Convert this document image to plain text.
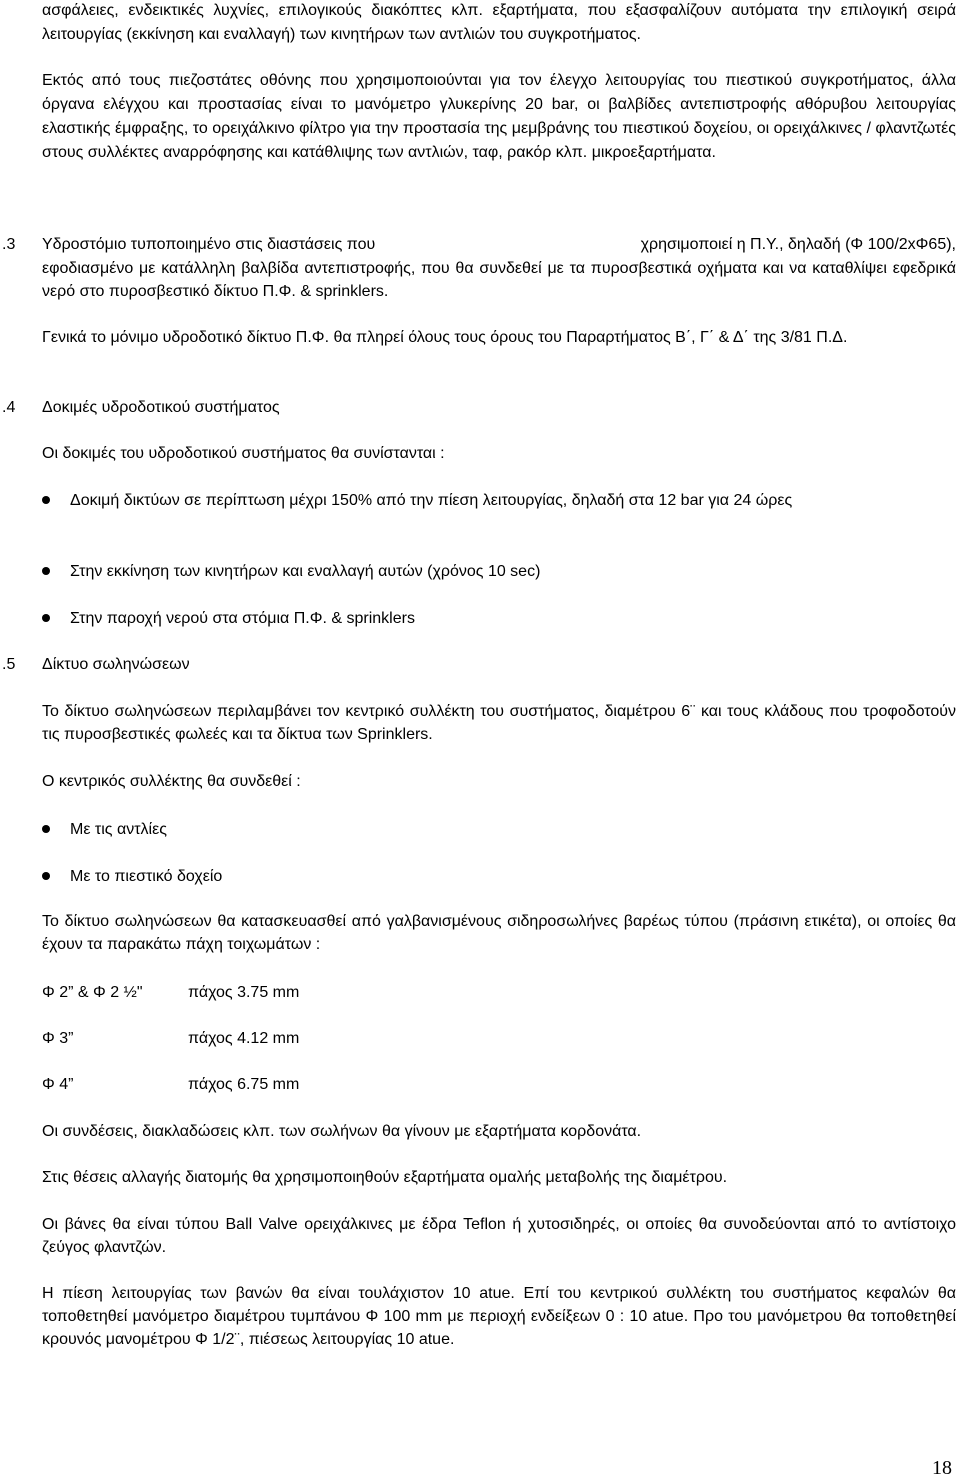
ασφάλειες, ενδεικτικές λυχνίες, επιλογικούς διακόπτες κλπ. εξαρτήματα, που εξασφαλίζουν αυτόματα την επιλογική σειρά λειτουργίας (εκκίνηση και εναλλαγή) των κινητήρων των αντλιών του συγκροτήματος.

Εκτός από τους πιεζοστάτες οθόνης που χρησιμοποιούνται για τον έλεγχο λειτουργίας του πιεστικού συγκροτήματος, άλλα όργανα ελέγχου και προστασίας είναι το μανόμετρο γλυκερίνης 20 bar, οι βαλβίδες αντεπιστροφής αθόρυβου λειτουργίας ελαστικής έμφραξης, το ορειχάλκινο φίλτρο για την προστασία της μεμβράνης του πιεστικού δοχείου, οι ορειχάλκινες / φλαντζωτές στους συλλέκτες αναρρόφησης και κατάθλιψης των αντλιών, ταφ, ρακόρ κλπ. μικροεξαρτήματα.

.3 Υδροστόμιο τυποποιημένο στις διαστάσεις που	χρησιμοποιεί η Π.Υ., δηλαδή (Φ 100/2xΦ65),

εφοδιασμένο με κατάλληλη βαλβίδα αντεπιστροφής, που θα συνδεθεί με τα πυροσβεστικά οχήματα και να καταθλίψει εφεδρικά νερό στο πυροσβεστικό δίκτυο Π.Φ. & sprinklers.

Γενικά το μόνιμο υδροδοτικό δίκτυο Π.Φ. θα πληρεί όλους τους όρους του Παραρτήματος Β΄, Γ΄ & Δ΄ της 3/81 Π.Δ.

.4 Δοκιμές υδροδοτικού συστήματος

Οι δοκιμές του υδροδοτικού συστήματος θα συνίστανται :

Δοκιμή δικτύων σε περίπτωση μέχρι 150% από την πίεση λειτουργίας, δηλαδή στα 12 bar για 24 ώρες

Στην εκκίνηση των κινητήρων και εναλλαγή αυτών (χρόνος 10 sec)

Στην παροχή νερού στα στόμια Π.Φ. & sprinklers

.5 Δίκτυο σωληνώσεων

Το δίκτυο σωληνώσεων περιλαμβάνει τον κεντρικό συλλέκτη του συστήματος, διαμέτρου 6¨ και τους κλάδους που τροφοδοτούν τις πυροσβεστικές φωλεές και τα δίκτυα των Sprinklers.

Ο κεντρικός συλλέκτης θα συνδεθεί :

Με τις αντλίες

Με το πιεστικό δοχείο

Το δίκτυο σωληνώσεων θα κατασκευασθεί από γαλβανισμένους σιδηροσωλήνες βαρέως τύπου (πράσινη ετικέτα), οι οποίες θα έχουν τα παρακάτω πάχη τοιχωμάτων :

Φ 2” & Φ 2 ½"	πάχος 3.75 mm

Φ 3”	πάχος 4.12 mm

Φ 4”	πάχος 6.75 mm

Οι συνδέσεις, διακλαδώσεις κλπ. των σωλήνων θα γίνουν με εξαρτήματα κορδονάτα.

Στις θέσεις αλλαγής διατομής θα χρησιμοποιηθούν εξαρτήματα ομαλής μεταβολής της διαμέτρου.

Οι βάνες θα είναι τύπου Ball Valve ορειχάλκινες με έδρα Teflon ή χυτοσιδηρές, οι οποίες θα συνοδεύονται από το αντίστοιχο ζεύγος φλαντζών.

Η πίεση λειτουργίας των βανών θα είναι τουλάχιστον 10 atue. Επί του κεντρικού συλλέκτη του συστήματος κεφαλών θα τοποθετηθεί μανόμετρο διαμέτρου τυμπάνου Φ 100 mm με περιοχή ενδείξεων 0 : 10 atue. Προ του μανόμετρου θα τοποθετηθεί κρουνός μανομέτρου Φ 1/2¨, πιέσεως λειτουργίας 10 atue.

18
